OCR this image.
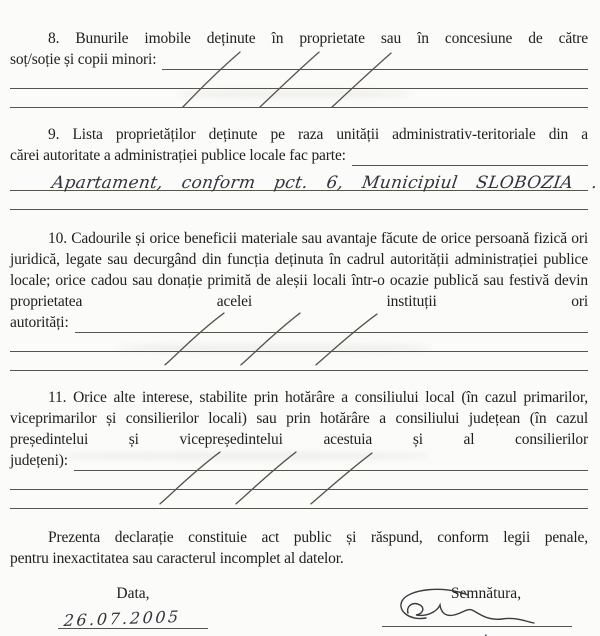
8. Bunurile imobile deținute în proprietate sau în concesiune de către

soț/soție și copii minori:

9. Lista proprietăților deținute pe raza unității administrativ-teritoriale din a

cărei autoritate a administrației publice locale fac parte:
Apartament, conform pct. 6, Municipiul SLOBOZIA .

10. Cadourile și orice beneficii materiale sau avantaje făcute de orice persoană fizică ori juridică, legate sau decurgând din funcția deținuta în cadrul autorității administrației publice locale; orice cadou sau donație primită de aleșii locali într-o ocazie publică sau festivă devin proprietatea acelei instituții ori

autorități:

11. Orice alte interese, stabilite prin hotărâre a consiliului local (în cazul primarilor, viceprimarilor și consilierilor locali) sau prin hotărâre a consiliului județean (în cazul președintelui și vicepreședintelui acestuia și al consilierilor

județeni):

Prezenta declarație constituie act public și răspund, conform legii penale,

pentru inexactitatea sau caracterul incomplet al datelor.

Data,
26.07.2005
Semnătura,
